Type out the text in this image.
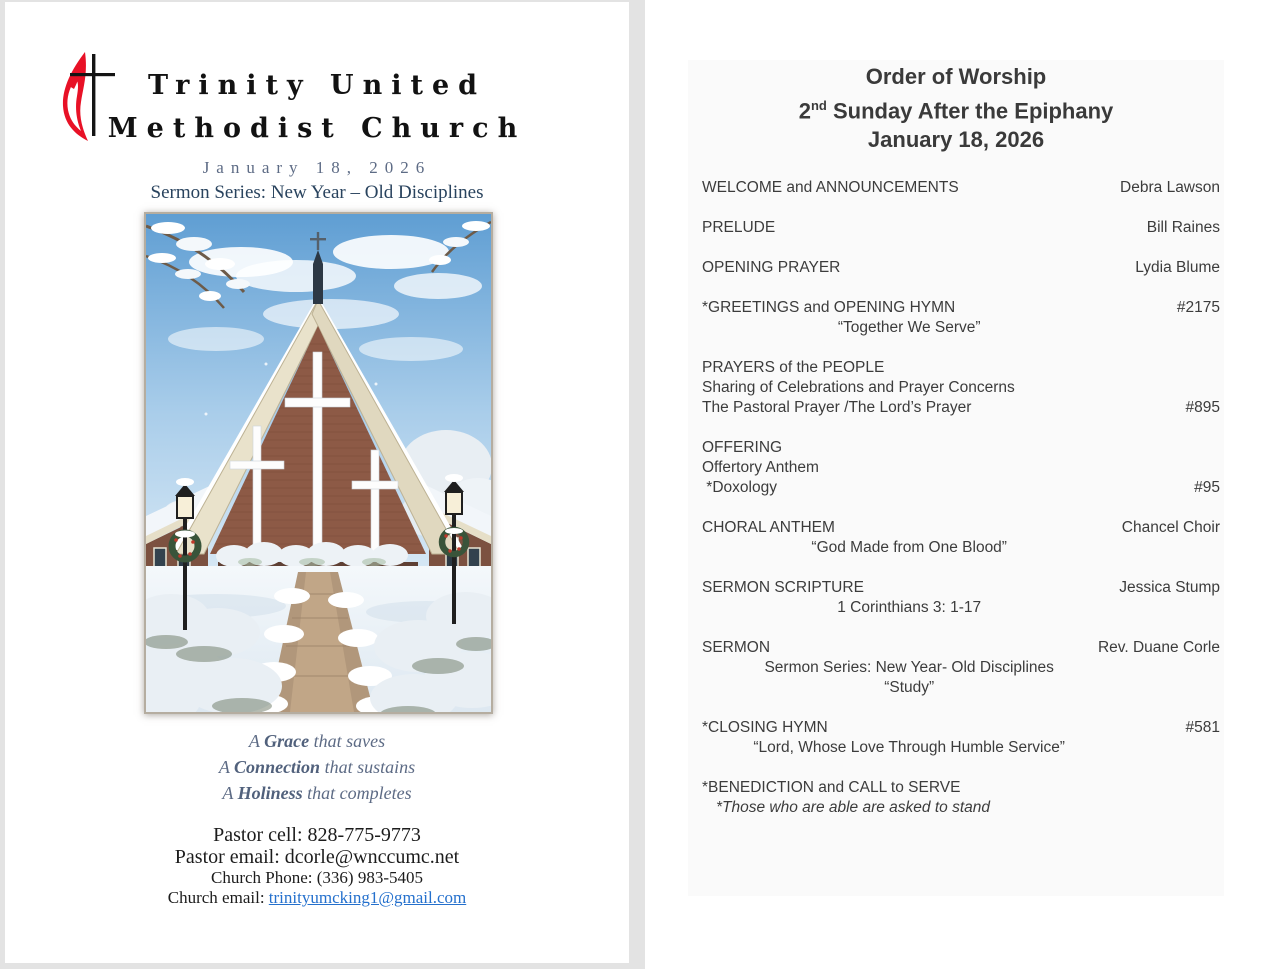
Trinity United
Methodist Church
January 18, 2026
Sermon Series: New Year – Old Disciplines
A Grace that saves
A Connection that sustains
A Holiness that completes
Pastor cell: 828-775-9773
Pastor email: dcorle@wnccumc.net
Church Phone: (336) 983-5405
Church email: trinityumcking1@gmail.com
Order of Worship
2nd Sunday After the Epiphany
January 18, 2026
WELCOME and ANNOUNCEMENTS	Debra Lawson
PRELUDE	Bill Raines
OPENING PRAYER	Lydia Blume
*GREETINGS and OPENING HYMN	#2175
“Together We Serve”
PRAYERS of the PEOPLE
Sharing of Celebrations and Prayer Concerns
The Pastoral Prayer /The Lord’s Prayer	#895
OFFERING
Offertory Anthem
*Doxology	#95
CHORAL ANTHEM	Chancel Choir
“God Made from One Blood”
SERMON SCRIPTURE	Jessica Stump
1 Corinthians 3: 1-17
SERMON	Rev. Duane Corle
Sermon Series: New Year- Old Disciplines
“Study”
*CLOSING HYMN	#581
“Lord, Whose Love Through Humble Service”
*BENEDICTION and CALL to SERVE
*Those who are able are asked to stand
